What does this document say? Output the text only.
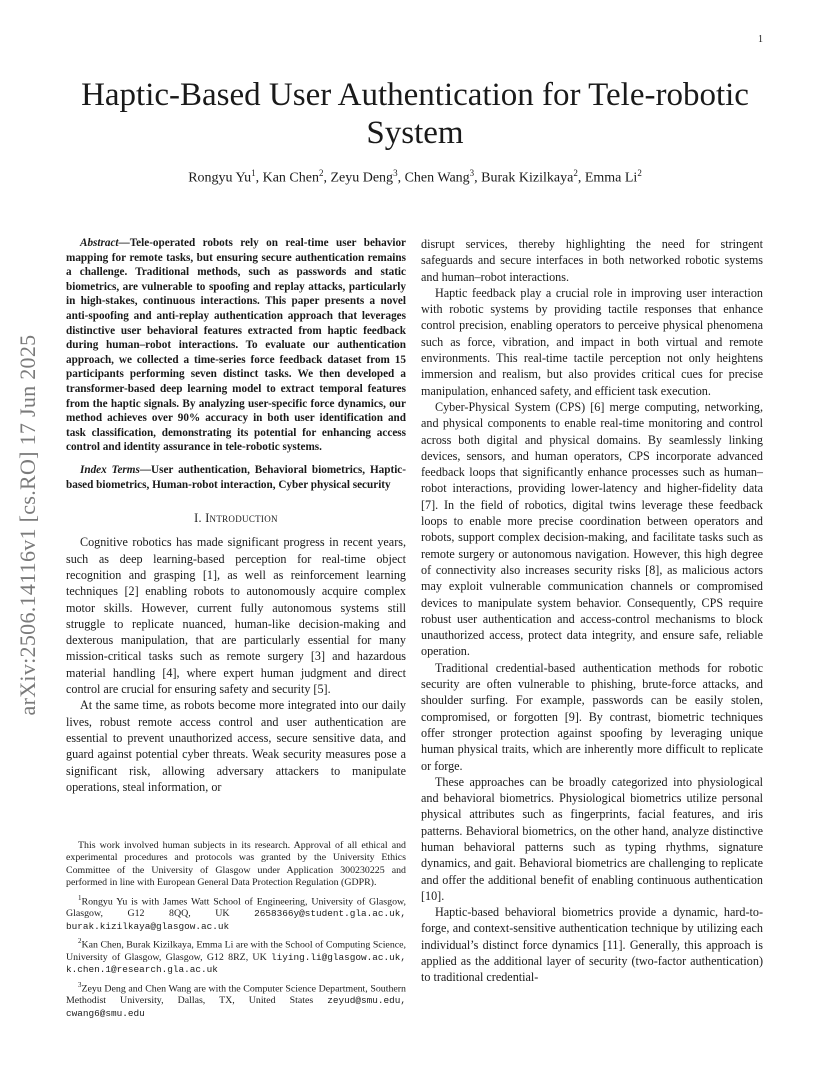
1
arXiv:2506.14116v1 [cs.RO] 17 Jun 2025
Haptic-Based User Authentication for Tele-robotic System
Rongyu Yu$^1$, Kan Chen$^2$, Zeyu Deng$^3$, Chen Wang$^3$, Burak Kizilkaya$^2$, Emma Li$^2$
Abstract—Tele-operated robots rely on real-time user behavior mapping for remote tasks, but ensuring secure authentication remains a challenge. Traditional methods, such as passwords and static biometrics, are vulnerable to spoofing and replay attacks, particularly in high-stakes, continuous interactions. This paper presents a novel anti-spoofing and anti-replay authentication approach that leverages distinctive user behavioral features extracted from haptic feedback during human–robot interactions. To evaluate our authentication approach, we collected a time-series force feedback dataset from 15 participants performing seven distinct tasks. We then developed a transformer-based deep learning model to extract temporal features from the haptic signals. By analyzing user-specific force dynamics, our method achieves over 90% accuracy in both user identification and task classification, demonstrating its potential for enhancing access control and identity assurance in tele-robotic systems.
Index Terms—User authentication, Behavioral biometrics, Haptic-based biometrics, Human-robot interaction, Cyber physical security
I. Introduction

Cognitive robotics has made significant progress in recent years, such as deep learning-based perception for real-time object recognition and grasping [1], as well as reinforcement learning techniques [2] enabling robots to autonomously acquire complex motor skills. However, current fully autonomous systems still struggle to replicate nuanced, human-like decision-making and dexterous manipulation, that are particularly essential for many mission-critical tasks such as remote surgery [3] and hazardous material handling [4], where expert human judgment and direct control are crucial for ensuring safety and security [5].

At the same time, as robots become more integrated into our daily lives, robust remote access control and user authentication are essential to prevent unauthorized access, secure sensitive data, and guard against potential cyber threats. Weak security measures pose a significant risk, allowing adversary attackers to manipulate operations, steal information, or

disrupt services, thereby highlighting the need for stringent safeguards and secure interfaces in both networked robotic systems and human–robot interactions.

Haptic feedback play a crucial role in improving user interaction with robotic systems by providing tactile responses that enhance control precision, enabling operators to perceive physical phenomena such as force, vibration, and impact in both virtual and remote environments. This real-time tactile perception not only heightens immersion and realism, but also provides critical cues for precise manipulation, enhanced safety, and efficient task execution.

Cyber-Physical System (CPS) [6] merge computing, networking, and physical components to enable real-time monitoring and control across both digital and physical domains. By seamlessly linking devices, sensors, and human operators, CPS incorporate advanced feedback loops that significantly enhance processes such as human–robot interactions, providing lower-latency and higher-fidelity data [7]. In the field of robotics, digital twins leverage these feedback loops to enable more precise coordination between operators and robots, support complex decision-making, and facilitate tasks such as remote surgery or autonomous navigation. However, this high degree of connectivity also increases security risks [8], as malicious actors may exploit vulnerable communication channels or compromised devices to manipulate system behavior. Consequently, CPS require robust user authentication and access-control mechanisms to block unauthorized access, protect data integrity, and ensure safe, reliable operation.

Traditional credential-based authentication methods for robotic security are often vulnerable to phishing, brute-force attacks, and shoulder surfing. For example, passwords can be easily stolen, compromised, or forgotten [9]. By contrast, biometric techniques offer stronger protection against spoofing by leveraging unique human physical traits, which are inherently more difficult to replicate or forge.

These approaches can be broadly categorized into physiological and behavioral biometrics. Physiological biometrics utilize personal physical attributes such as fingerprints, facial features, and iris patterns. Behavioral biometrics, on the other hand, analyze distinctive human behavioral patterns such as typing rhythms, signature dynamics, and gait. Behavioral biometrics are challenging to replicate and offer the additional benefit of enabling continuous authentication [10].

Haptic-based behavioral biometrics provide a dynamic, hard-to-forge, and context-sensitive authentication technique by utilizing each individual’s distinct force dynamics [11]. Generally, this approach is applied as the additional layer of security (two-factor authentication) to traditional credential-

This work involved human subjects in its research. Approval of all ethical and experimental procedures and protocols was granted by the University Ethics Committee of the University of Glasgow under Application 300230225 and performed in line with European General Data Protection Regulation (GDPR).

$^1$Rongyu Yu is with James Watt School of Engineering, University of Glasgow, Glasgow, G12 8QQ, UK 2658366y@student.gla.ac.uk, burak.kizilkaya@glasgow.ac.uk

$^2$Kan Chen, Burak Kizilkaya, Emma Li are with the School of Computing Science, University of Glasgow, Glasgow, G12 8RZ, UK liying.li@glasgow.ac.uk, k.chen.1@research.gla.ac.uk

$^3$Zeyu Deng and Chen Wang are with the Computer Science Department, Southern Methodist University, Dallas, TX, United States zeyud@smu.edu, cwang6@smu.edu
